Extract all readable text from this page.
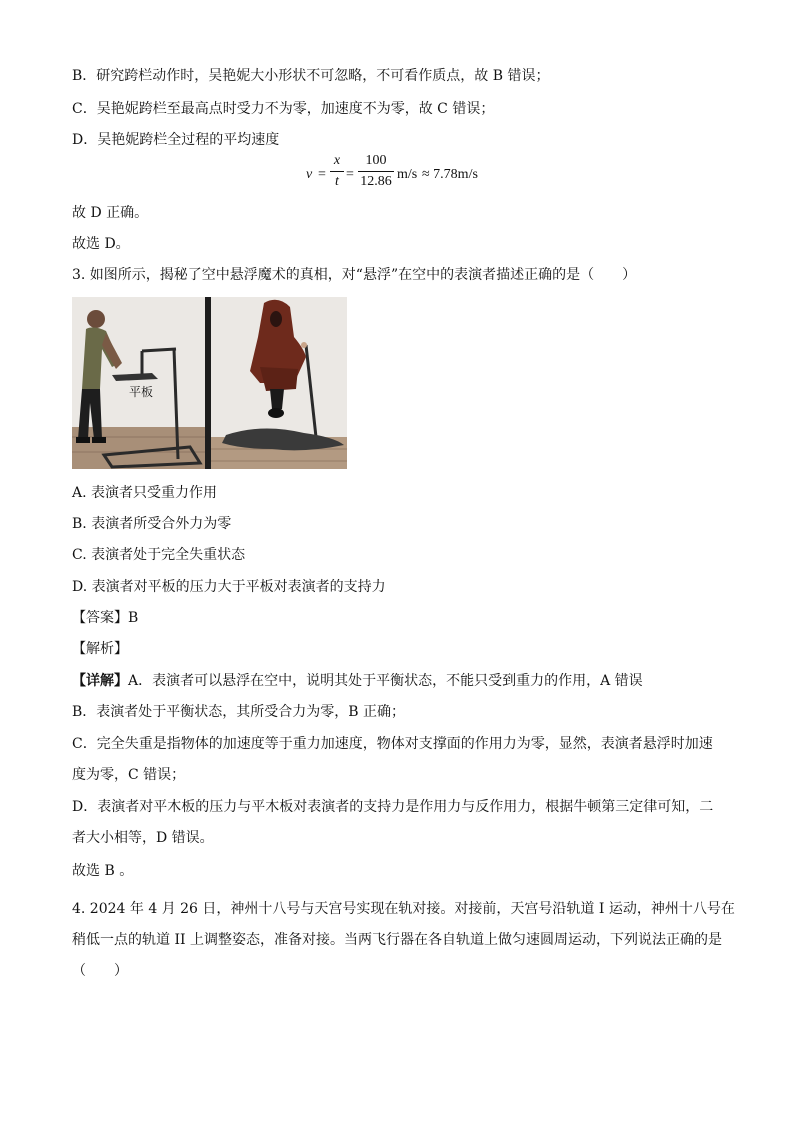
B．研究跨栏动作时，吴艳妮大小形状不可忽略，不可看作质点，故 B 错误；
C．吴艳妮跨栏至最高点时受力不为零，加速度不为零，故 C 错误；
D．吴艳妮跨栏全过程的平均速度
v =
x
t =
100
12.86 m/s ≈ 7.78m/s
故 D 正确。
故选 D。
3. 如图所示，揭秘了空中悬浮魔术的真相，对“悬浮”在空中的表演者描述正确的是（　　）
平板
A. 表演者只受重力作用
B. 表演者所受合外力为零
C. 表演者处于完全失重状态
D. 表演者对平板的压力大于平板对表演者的支持力
【答案】B
【解析】
【详解】A．表演者可以悬浮在空中，说明其处于平衡状态，不能只受到重力的作用，A 错误
B．表演者处于平衡状态，其所受合力为零，B 正确；
C．完全失重是指物体的加速度等于重力加速度，物体对支撑面的作用力为零，显然，表演者悬浮时加速
度为零，C 错误；
D．表演者对平木板的压力与平木板对表演者的支持力是作用力与反作用力，根据牛顿第三定律可知，二
者大小相等，D 错误。
故选 B 。
4. 2024 年 4 月 26 日，神州十八号与天宫号实现在轨对接。对接前，天宫号沿轨道 I 运动，神州十八号在
稍低一点的轨道 II 上调整姿态，准备对接。当两飞行器在各自轨道上做匀速圆周运动，下列说法正确的是
（　　）
